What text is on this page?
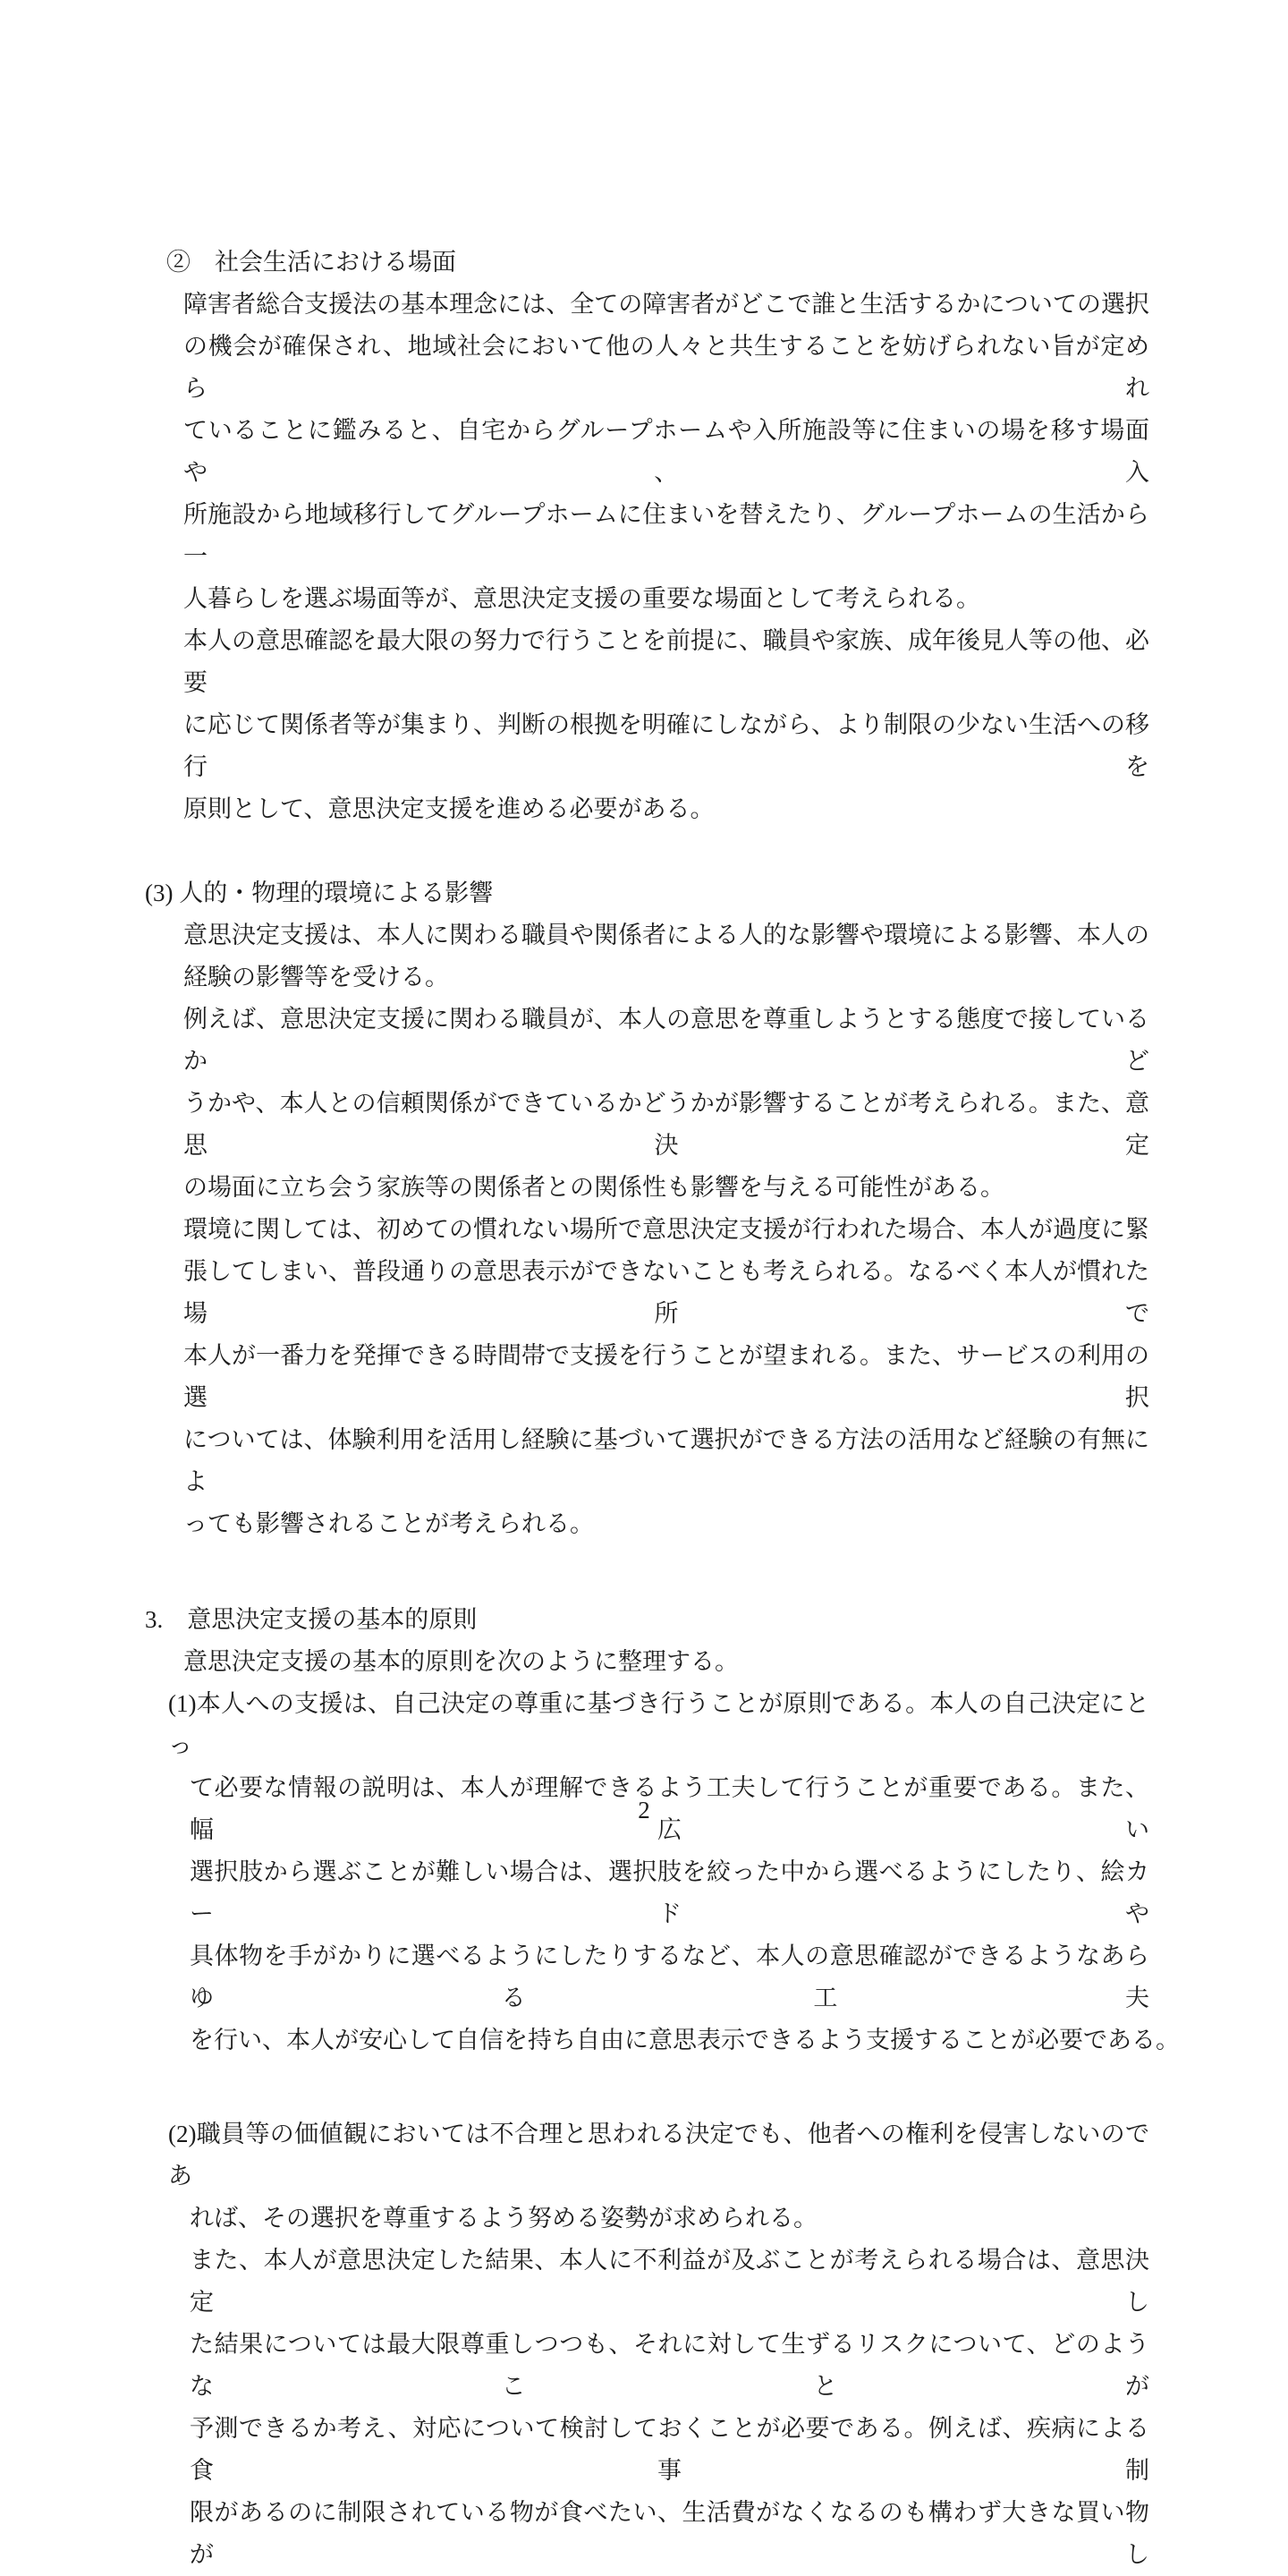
②　社会生活における場面
障害者総合支援法の基本理念には、全ての障害者がどこで誰と生活するかについての選択
の機会が確保され、地域社会において他の人々と共生することを妨げられない旨が定められ
ていることに鑑みると、自宅からグループホームや入所施設等に住まいの場を移す場面や、入
所施設から地域移行してグループホームに住まいを替えたり、グループホームの生活から一
人暮らしを選ぶ場面等が、意思決定支援の重要な場面として考えられる。
本人の意思確認を最大限の努力で行うことを前提に、職員や家族、成年後見人等の他、必要
に応じて関係者等が集まり、判断の根拠を明確にしながら、より制限の少ない生活への移行を
原則として、意思決定支援を進める必要がある。
(3) 人的・物理的環境による影響
意思決定支援は、本人に関わる職員や関係者による人的な影響や環境による影響、本人の
経験の影響等を受ける。
例えば、意思決定支援に関わる職員が、本人の意思を尊重しようとする態度で接しているかど
うかや、本人との信頼関係ができているかどうかが影響することが考えられる。また、意思決定
の場面に立ち会う家族等の関係者との関係性も影響を与える可能性がある。
環境に関しては、初めての慣れない場所で意思決定支援が行われた場合、本人が過度に緊
張してしまい、普段通りの意思表示ができないことも考えられる。なるべく本人が慣れた場所で
本人が一番力を発揮できる時間帯で支援を行うことが望まれる。また、サービスの利用の選択
については、体験利用を活用し経験に基づいて選択ができる方法の活用など経験の有無によ
っても影響されることが考えられる。
3.　意思決定支援の基本的原則
意思決定支援の基本的原則を次のように整理する。
(1)本人への支援は、自己決定の尊重に基づき行うことが原則である。本人の自己決定にとっ
て必要な情報の説明は、本人が理解できるよう工夫して行うことが重要である。また、幅広い
選択肢から選ぶことが難しい場合は、選択肢を絞った中から選べるようにしたり、絵カードや
具体物を手がかりに選べるようにしたりするなど、本人の意思確認ができるようなあらゆる工夫
を行い、本人が安心して自信を持ち自由に意思表示できるよう支援することが必要である。
(2)職員等の価値観においては不合理と思われる決定でも、他者への権利を侵害しないのであ
れば、その選択を尊重するよう努める姿勢が求められる。
また、本人が意思決定した結果、本人に不利益が及ぶことが考えられる場合は、意思決定し
た結果については最大限尊重しつつも、それに対して生ずるリスクについて、どのようなことが
予測できるか考え、対応について検討しておくことが必要である。例えば、疾病による食事制
限があるのに制限されている物が食べたい、生活費がなくなるのも構わず大きな買い物がし
2
